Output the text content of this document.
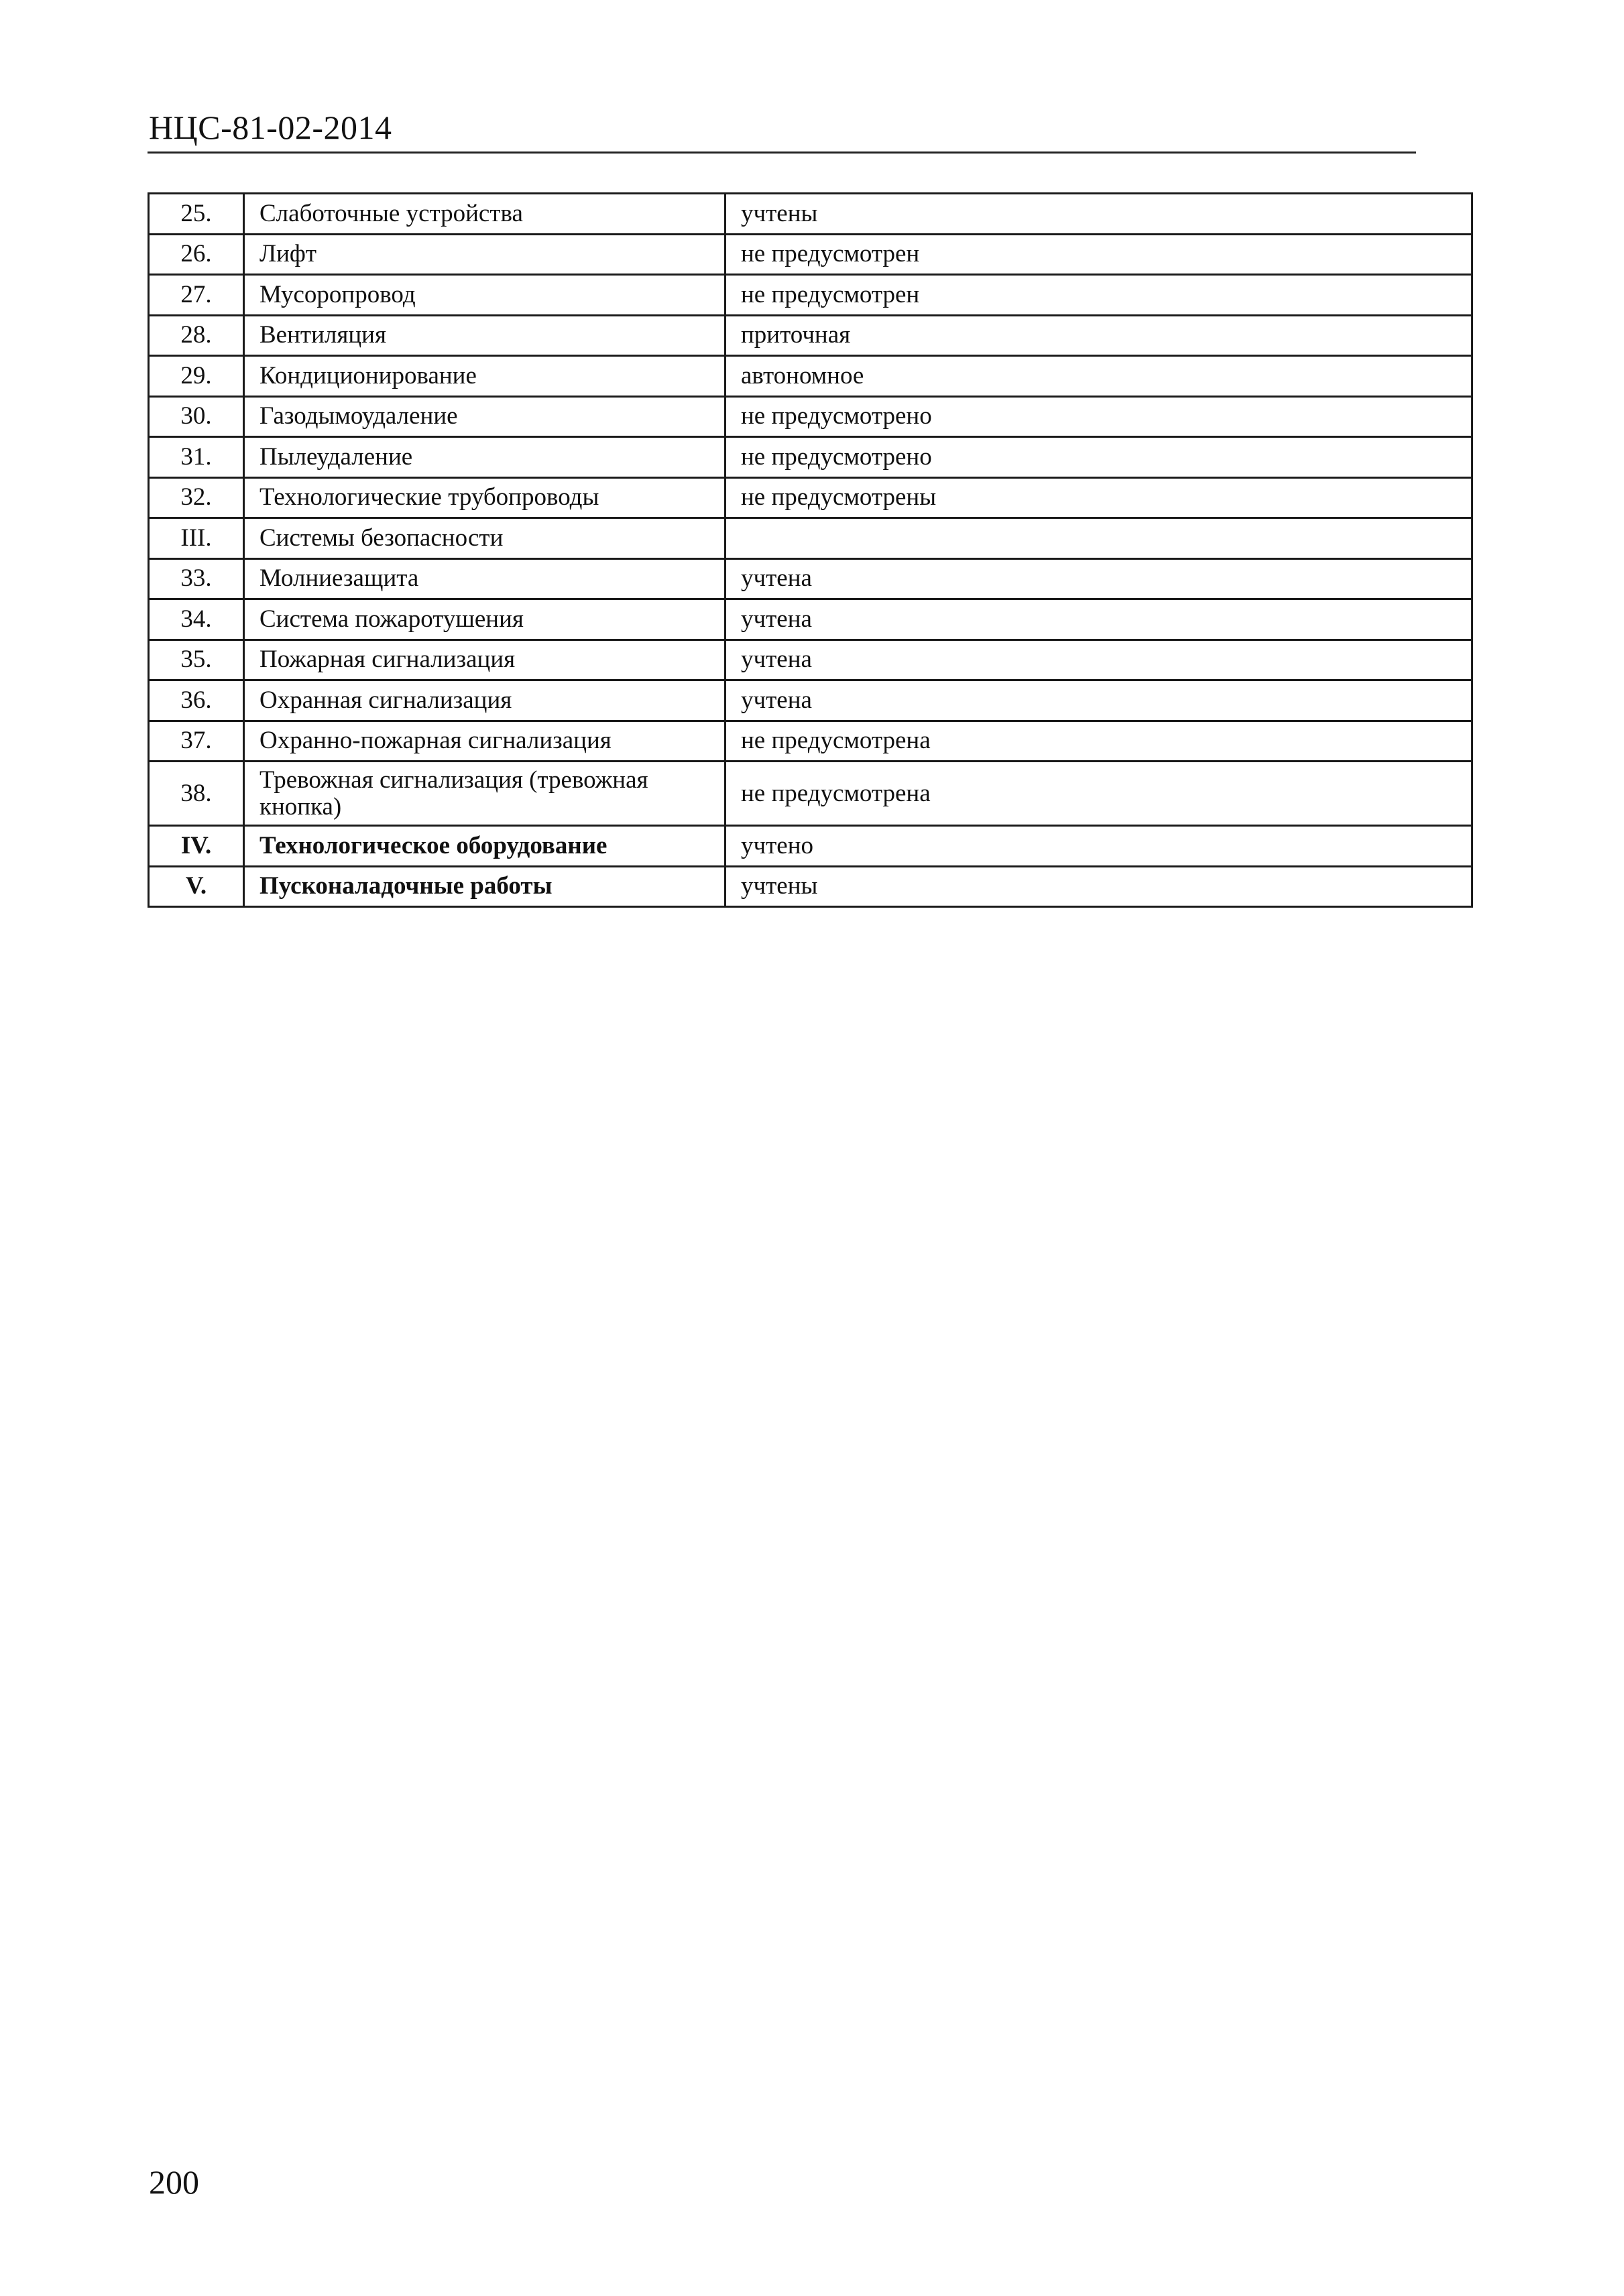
НЦС-81-02-2014
25.	Слаботочные устройства	учтены
26.	Лифт	не предусмотрен
27.	Мусоропровод	не предусмотрен
28.	Вентиляция	приточная
29.	Кондиционирование	автономное
30.	Газодымоудаление	не предусмотрено
31.	Пылеудаление	не предусмотрено
32.	Технологические трубопроводы	не предусмотрены
III.	Системы безопасности	
33.	Молниезащита	учтена
34.	Система пожаротушения	учтена
35.	Пожарная сигнализация	учтена
36.	Охранная сигнализация	учтена
37.	Охранно-пожарная сигнализация	не предусмотрена
38.	Тревожная сигнализация (тревожная кнопка)	не предусмотрена
IV.	Технологическое оборудование	учтено
V.	Пусконаладочные работы	учтены
200
